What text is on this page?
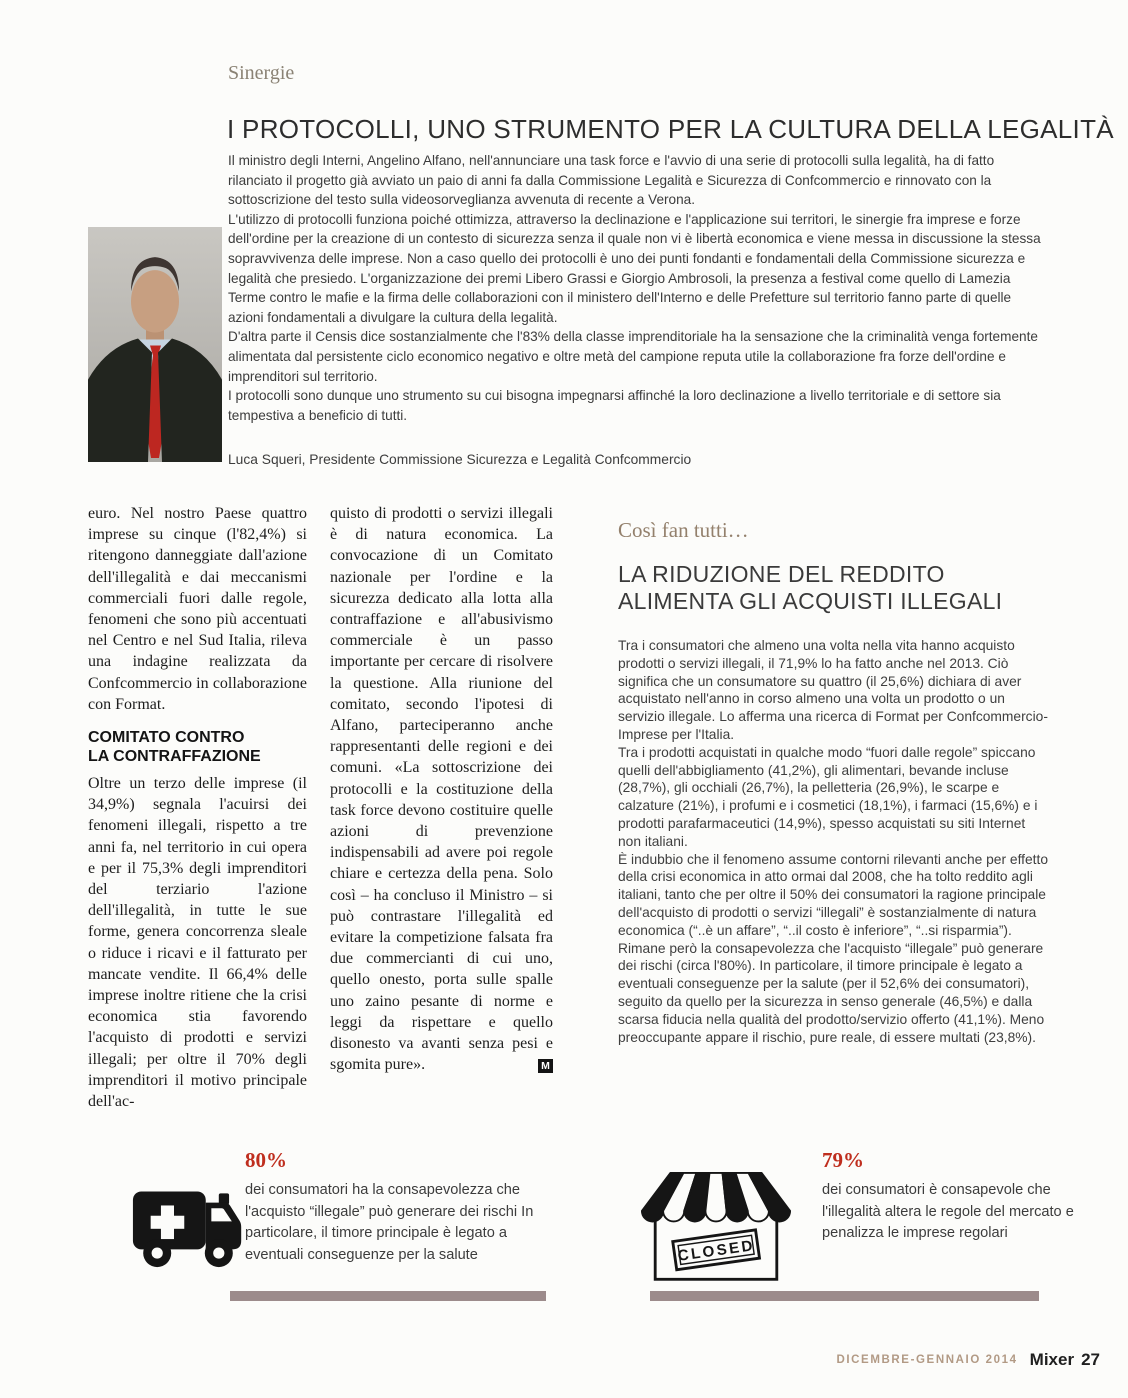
Sinergie
I PROTOCOLLI, UNO STRUMENTO PER LA CULTURA DELLA LEGALITÀ

Il ministro degli Interni, Angelino Alfano, nell'annunciare una task force e l'avvio di una serie di protocolli sulla legalità, ha di fatto rilanciato il progetto già avviato un paio di anni fa dalla Commissione Legalità e Sicurezza di Confcommercio e rinnovato con la sottoscrizione del testo sulla videosorveglianza avvenuta di recente a Verona.

L'utilizzo di protocolli funziona poiché ottimizza, attraverso la declinazione e l'applicazione sui territori, le sinergie fra imprese e forze dell'ordine per la creazione di un contesto di sicurezza senza il quale non vi è libertà economica e viene messa in discussione la stessa sopravvivenza delle imprese. Non a caso quello dei protocolli è uno dei punti fondanti e fondamentali della Commissione sicurezza e legalità che presiedo. L'organizzazione dei premi Libero Grassi e Giorgio Ambrosoli, la presenza a festival come quello di Lamezia Terme contro le mafie e la firma delle collaborazioni con il ministero dell'Interno e delle Prefetture sul territorio fanno parte di quelle azioni fondamentali a divulgare la cultura della legalità.

D'altra parte il Censis dice sostanzialmente che l'83% della classe imprenditoriale ha la sensazione che la criminalità venga fortemente alimentata dal persistente ciclo economico negativo e oltre metà del campione reputa utile la collaborazione fra forze dell'ordine e imprenditori sul territorio.

I protocolli sono dunque uno strumento su cui bisogna impegnarsi affinché la loro declinazione a livello territoriale e di settore sia tempestiva a beneficio di tutti.

Luca Squeri, Presidente Commissione Sicurezza e Legalità Confcommercio

euro. Nel nostro Paese quattro imprese su cinque (l'82,4%) si ritengono danneggiate dall'azione dell'illegalità e dai meccanismi commerciali fuori dalle regole, fenomeni che sono più accentuati nel Centro e nel Sud Italia, rileva una indagine realizzata da Confcommercio in collaborazione con Format.

COMITATO CONTRO
LA CONTRAFFAZIONE

Oltre un terzo delle imprese (il 34,9%) segnala l'acuirsi dei fenomeni illegali, rispetto a tre anni fa, nel territorio in cui opera e per il 75,3% degli imprenditori del terziario l'azione dell'illegalità, in tutte le sue forme, genera concorrenza sleale o riduce i ricavi e il fatturato per mancate vendite. Il 66,4% delle imprese inoltre ritiene che la crisi economica stia favorendo l'acquisto di prodotti e servizi illegali; per oltre il 70% degli imprenditori il motivo principale dell'ac-

quisto di prodotti o servizi illegali è di natura economica. La convocazione di un Comitato nazionale per l'ordine e la sicurezza dedicato alla lotta alla contraffazione e all'abusivismo commerciale è un passo importante per cercare di risolvere la questione. Alla riunione del comitato, secondo l'ipotesi di Alfano, parteciperanno anche rappresentanti delle regioni e dei comuni. «La sottoscrizione dei protocolli e la costituzione della task force devono costituire quelle azioni di prevenzione indispensabili ad avere poi regole chiare e certezza della pena. Solo così – ha concluso il Ministro – si può contrastare l'illegalità ed evitare la competizione falsata fra due commercianti di cui uno, quello onesto, porta sulle spalle uno zaino pesante di norme e leggi da rispettare e quello disonesto va avanti senza pesi e sgomita pure».	M

Così fan tutti…

LA RIDUZIONE DEL REDDITO ALIMENTA GLI ACQUISTI ILLEGALI

Tra i consumatori che almeno una volta nella vita hanno acquisto prodotti o servizi illegali, il 71,9% lo ha fatto anche nel 2013. Ciò significa che un consumatore su quattro (il 25,6%) dichiara di aver acquistato nell'anno in corso almeno una volta un prodotto o un servizio illegale. Lo afferma una ricerca di Format per Confcommercio-Imprese per l'Italia.

Tra i prodotti acquistati in qualche modo “fuori dalle regole” spiccano quelli dell'abbigliamento (41,2%), gli alimentari, bevande incluse (28,7%), gli occhiali (26,7%), la pelletteria (26,9%), le scarpe e calzature (21%), i profumi e i cosmetici (18,1%), i farmaci (15,6%) e i prodotti parafarmaceutici (14,9%), spesso acquistati su siti Internet non italiani.

È indubbio che il fenomeno assume contorni rilevanti anche per effetto della crisi economica in atto ormai dal 2008, che ha tolto reddito agli italiani, tanto che per oltre il 50% dei consumatori la ragione principale dell'acquisto di prodotti o servizi “illegali” è sostanzialmente di natura economica (“..è un affare”, “..il costo è inferiore”, “..si risparmia”). Rimane però la consapevolezza che l'acquisto “illegale” può generare dei rischi (circa l'80%). In particolare, il timore principale è legato a eventuali conseguenze per la salute (per il 52,6% dei consumatori), seguito da quello per la sicurezza in senso generale (46,5%) e dalla scarsa fiducia nella qualità del prodotto/servizio offerto (41,1%). Meno preoccupante appare il rischio, pure reale, di essere multati (23,8%).

80%
dei consumatori ha la consapevolezza che l'acquisto “illegale” può generare dei rischi In particolare, il timore principale è legato a eventuali conseguenze per la salute	CLOSED
79%
dei consumatori è consapevole che l'illegalità altera le regole del mercato e penalizza le imprese regolari
DICEMBRE-GENNAIO 2014 Mixer 27
